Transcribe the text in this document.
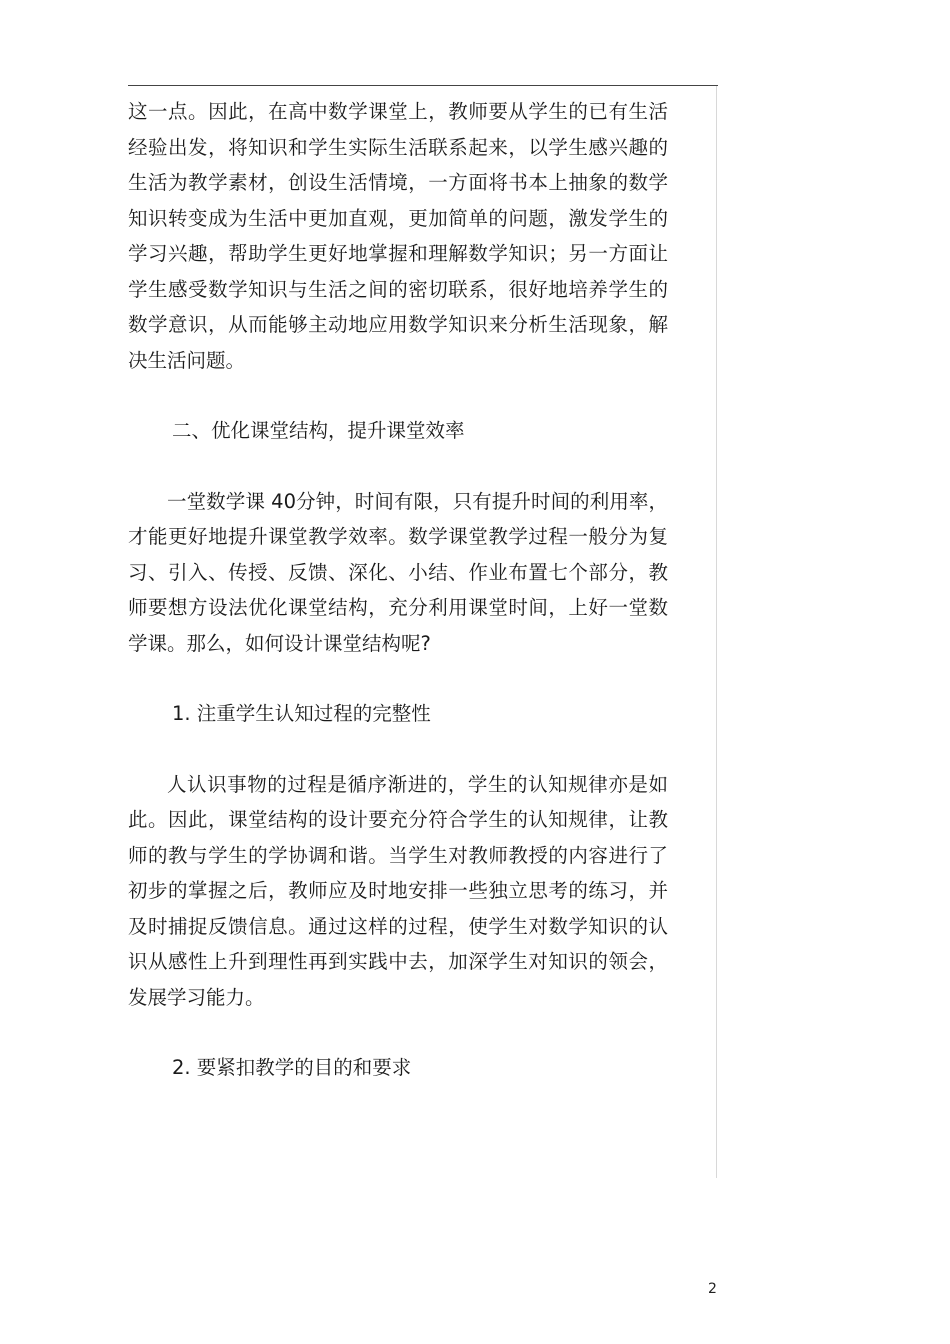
这一点。因此，在高中数学课堂上，教师要从学生的已有生活经验出发，将知识和学生实际生活联系起来，以学生感兴趣的生活为教学素材，创设生活情境，一方面将书本上抽象的数学知识转变成为生活中更加直观，更加简单的问题，激发学生的学习兴趣，帮助学生更好地掌握和理解数学知识；另一方面让学生感受数学知识与生活之间的密切联系，很好地培养学生的数学意识，从而能够主动地应用数学知识来分析生活现象，解决生活问题。

二、优化课堂结构，提升课堂效率

一堂数学课 40分钟，时间有限，只有提升时间的利用率，才能更好地提升课堂教学效率。数学课堂教学过程一般分为复习、引入、传授、反馈、深化、小结、作业布置七个部分，教师要想方设法优化课堂结构，充分利用课堂时间，上好一堂数学课。那么，如何设计课堂结构呢?

1. 注重学生认知过程的完整性

人认识事物的过程是循序渐进的，学生的认知规律亦是如此。因此，课堂结构的设计要充分符合学生的认知规律，让教师的教与学生的学协调和谐。当学生对教师教授的内容进行了初步的掌握之后，教师应及时地安排一些独立思考的练习，并及时捕捉反馈信息。通过这样的过程，使学生对数学知识的认识从感性上升到理性再到实践中去，加深学生对知识的领会，发展学习能力。

2. 要紧扣教学的目的和要求

2
